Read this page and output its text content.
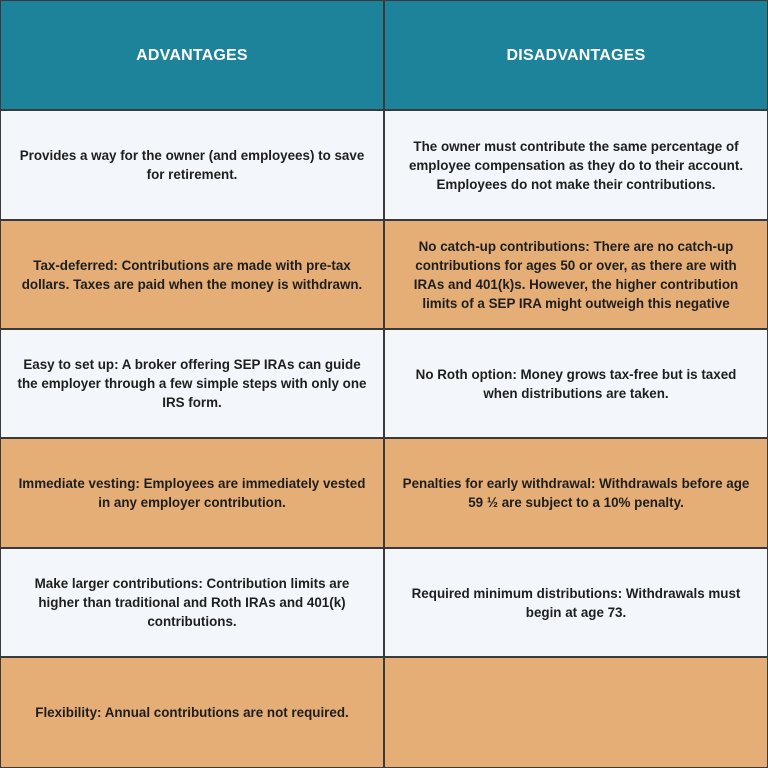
ADVANTAGES	DISADVANTAGES
Provides a way for the owner (and employees) to save for retirement.
The owner must contribute the same percentage of employee compensation as they do to their account. Employees do not make their contributions.
Tax-deferred: Contributions are made with pre-tax dollars. Taxes are paid when the money is withdrawn.
No catch-up contributions: There are no catch-up contributions for ages 50 or over, as there are with IRAs and 401(k)s. However, the higher contribution limits of a SEP IRA might outweigh this negative
Easy to set up: A broker offering SEP IRAs can guide the employer through a few simple steps with only one IRS form.
No Roth option: Money grows tax-free but is taxed when distributions are taken.
Immediate vesting: Employees are immediately vested in any employer contribution.
Penalties for early withdrawal: Withdrawals before age 59 ½ are subject to a 10% penalty.
Make larger contributions: Contribution limits are higher than traditional and Roth IRAs and 401(k) contributions.
Required minimum distributions: Withdrawals must begin at age 73.
Flexibility: Annual contributions are not required.
